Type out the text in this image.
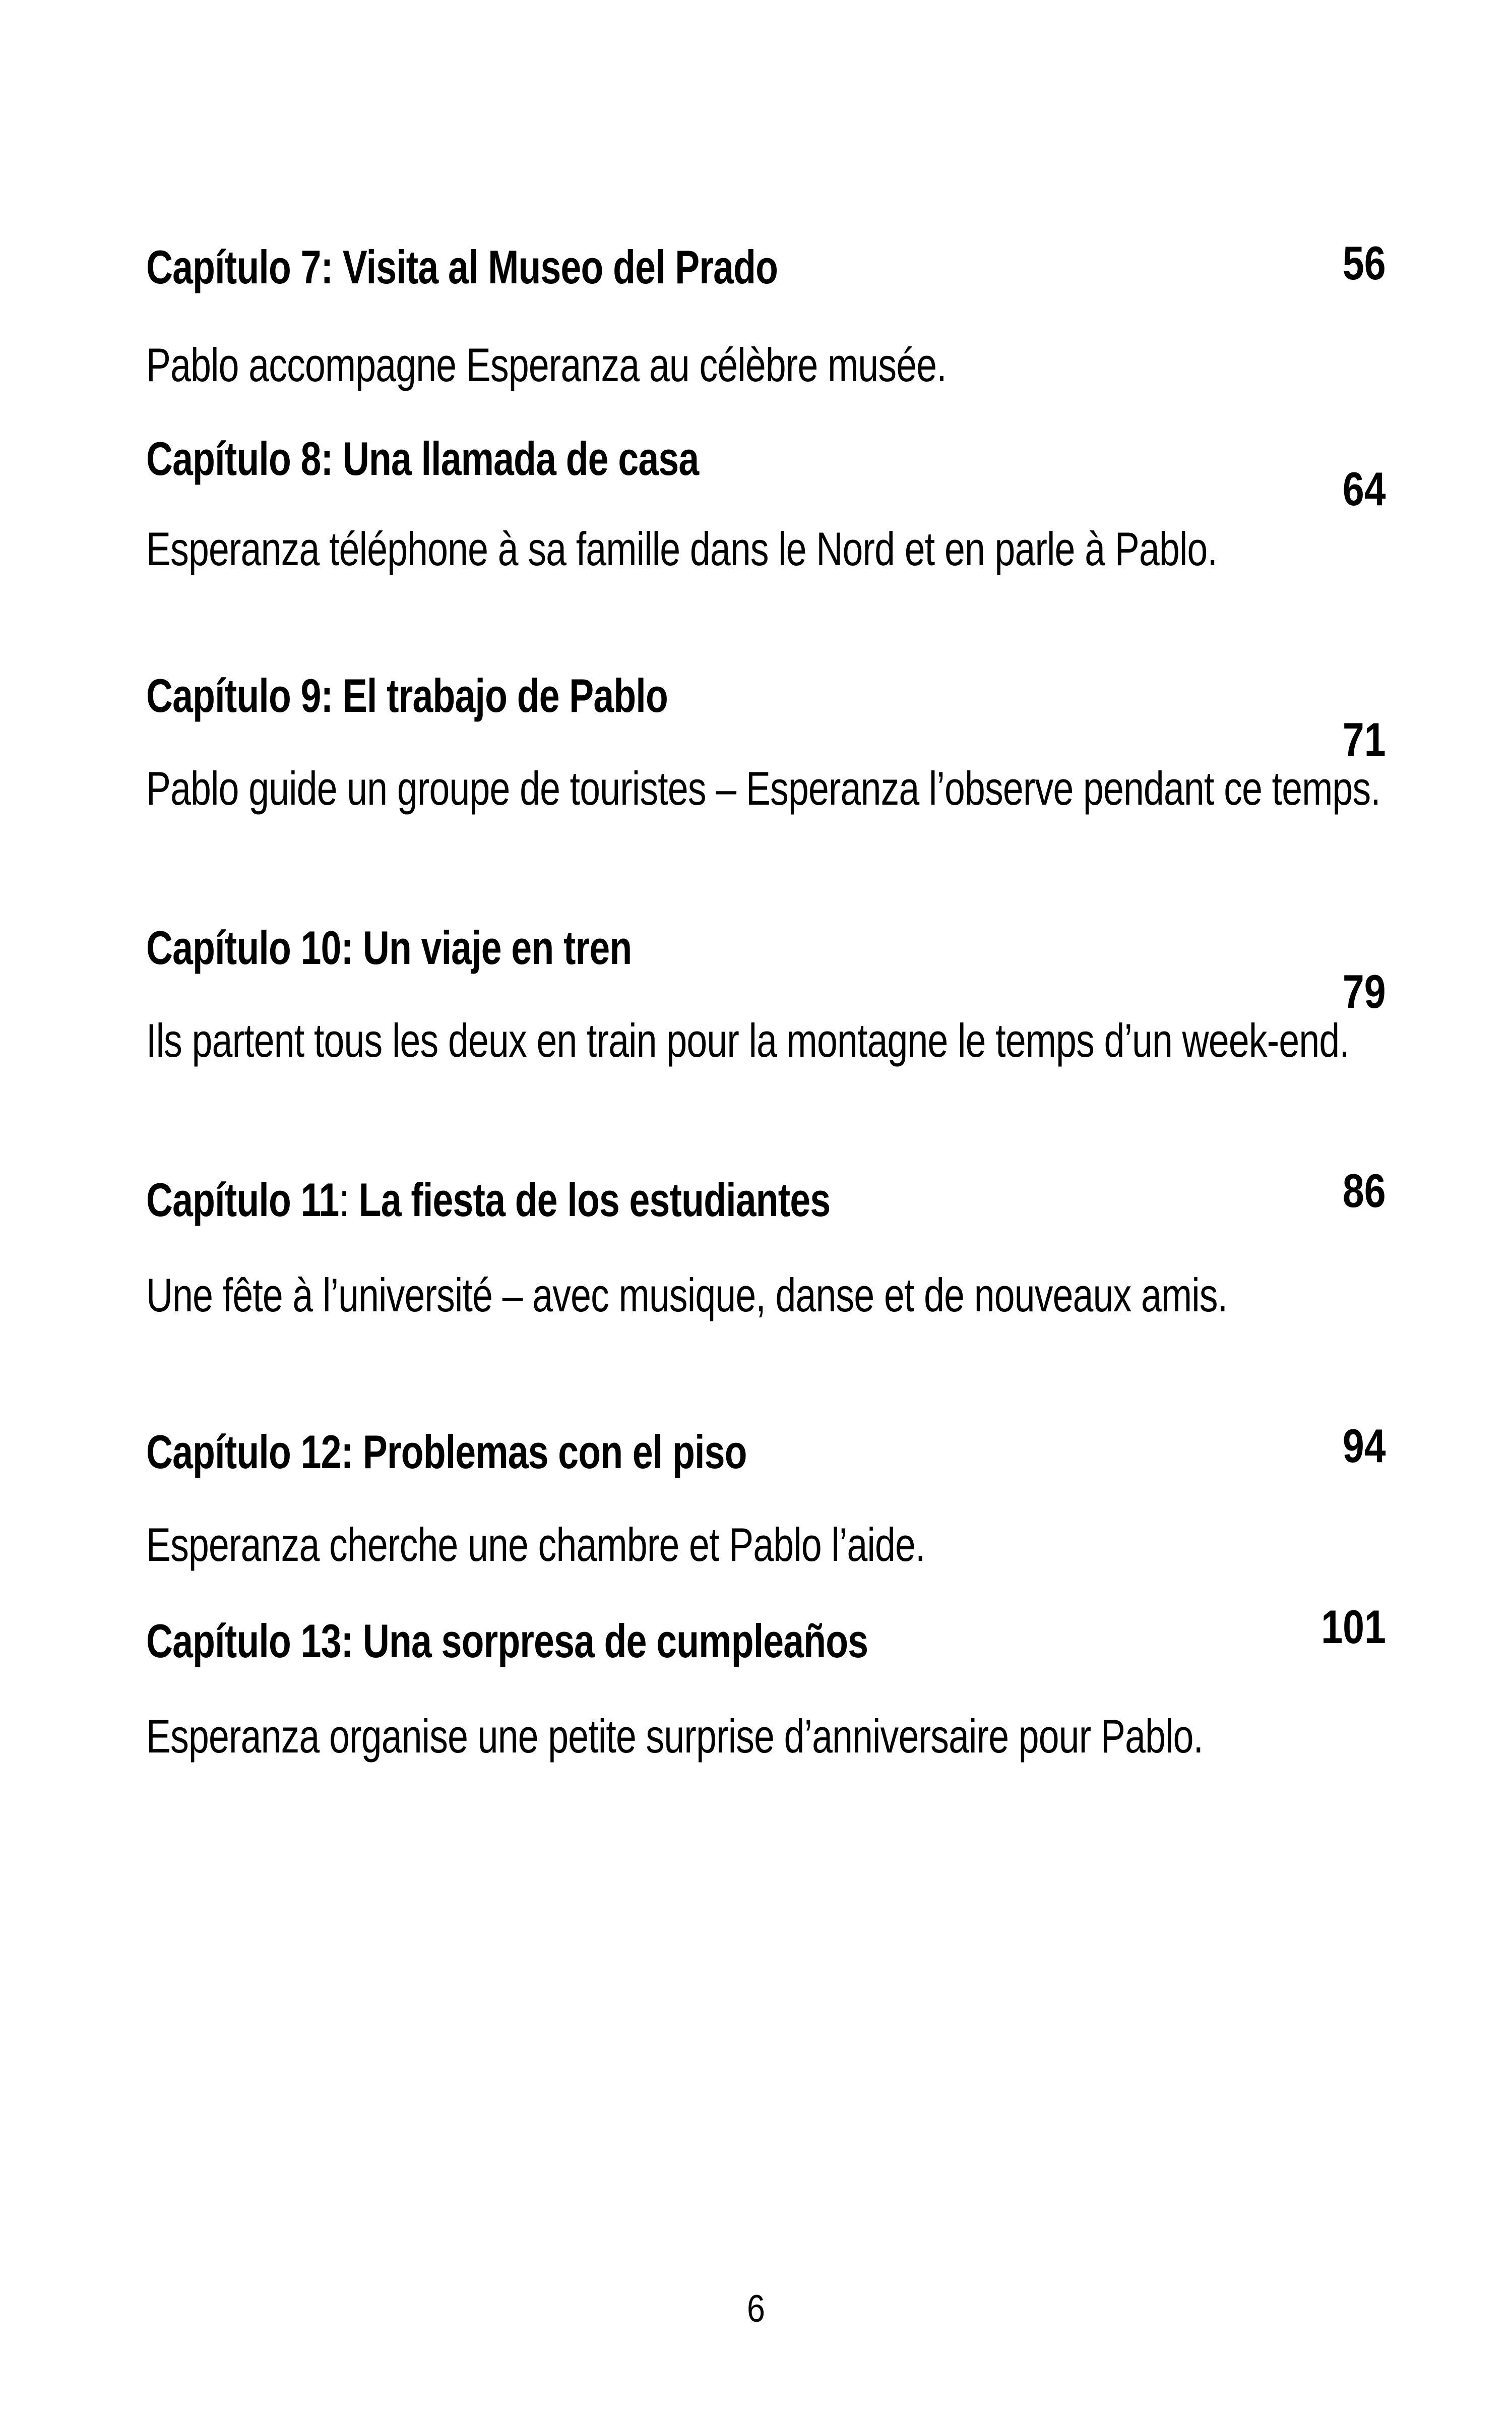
Capítulo 7: Visita al Museo del Prado
Pablo accompagne Esperanza au célèbre musée.
56
Capítulo 8: Una llamada de casa
Esperanza téléphone à sa famille dans le Nord et en parle à Pablo.
64
Capítulo 9: El trabajo de Pablo
Pablo guide un groupe de touristes – Esperanza l’observe pendant ce temps.
71
Capítulo 10: Un viaje en tren
Ils partent tous les deux en train pour la montagne le temps d’un week-end.
79
Capítulo 11: La fiesta de los estudiantes
Une fête à l’université – avec musique, danse et de nouveaux amis.
86
Capítulo 12: Problemas con el piso
Esperanza cherche une chambre et Pablo l’aide.
94
Capítulo 13: Una sorpresa de cumpleaños
Esperanza organise une petite surprise d’anniversaire pour Pablo.
101
6
